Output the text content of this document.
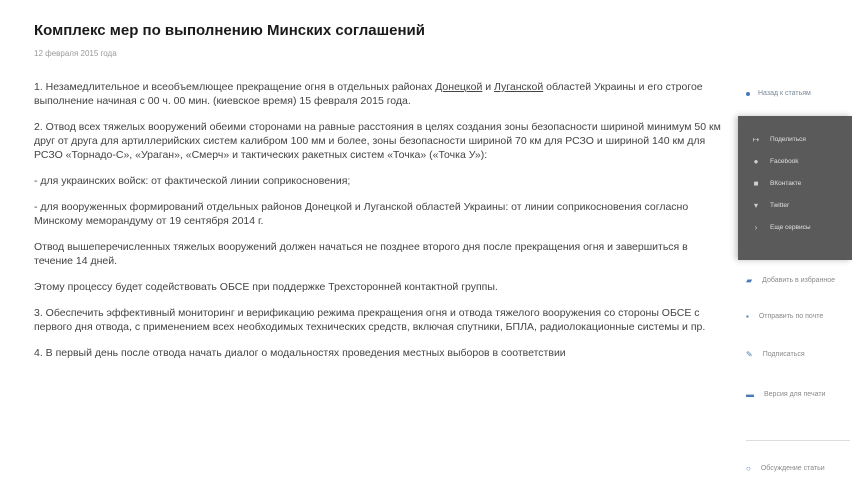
Комплекс мер по выполнению Минских соглашений
12 февраля 2015 года

1. Незамедлительное и всеобъемлющее прекращение огня в отдельных районах Донецкой и Луганской областей Украины и его строгое выполнение начиная с 00 ч. 00 мин. (киевское время) 15 февраля 2015 года.

2. Отвод всех тяжелых вооружений обеими сторонами на равные расстояния в целях создания зоны безопасности шириной минимум 50 км друг от друга для артиллерийских систем калибром 100 мм и более, зоны безопасности шириной 70 км для РСЗО и шириной 140 км для РСЗО «Торнадо-С», «Ураган», «Смерч» и тактических ракетных систем «Точка» («Точка У»):

- для украинских войск: от фактической линии соприкосновения;

- для вооруженных формирований отдельных районов Донецкой и Луганской областей Украины: от линии соприкосновения согласно Минскому меморандуму от 19 сентября 2014 г.

Отвод вышеперечисленных тяжелых вооружений должен начаться не позднее второго дня после прекращения огня и завершиться в течение 14 дней.

Этому процессу будет содействовать ОБСЕ при поддержке Трехсторонней контактной группы.

3. Обеспечить эффективный мониторинг и верификацию режима прекращения огня и отвода тяжелого вооружения со стороны ОБСЕ с первого дня отвода, с применением всех необходимых технических средств, включая спутники, БПЛА, радиолокационные системы и пр.

4. В первый день после отвода начать диалог о модальностях проведения местных выборов в соответствии

Назад к статьям
↦ Поделиться
● Facebook
■ ВКонтакте
▾	Twitter
›	Еще сервисы
▰ Добавить в избранное
▪ Отправить по почте
✎ Подписаться
▬ Версия для печати
○ Обсуждение статьи
